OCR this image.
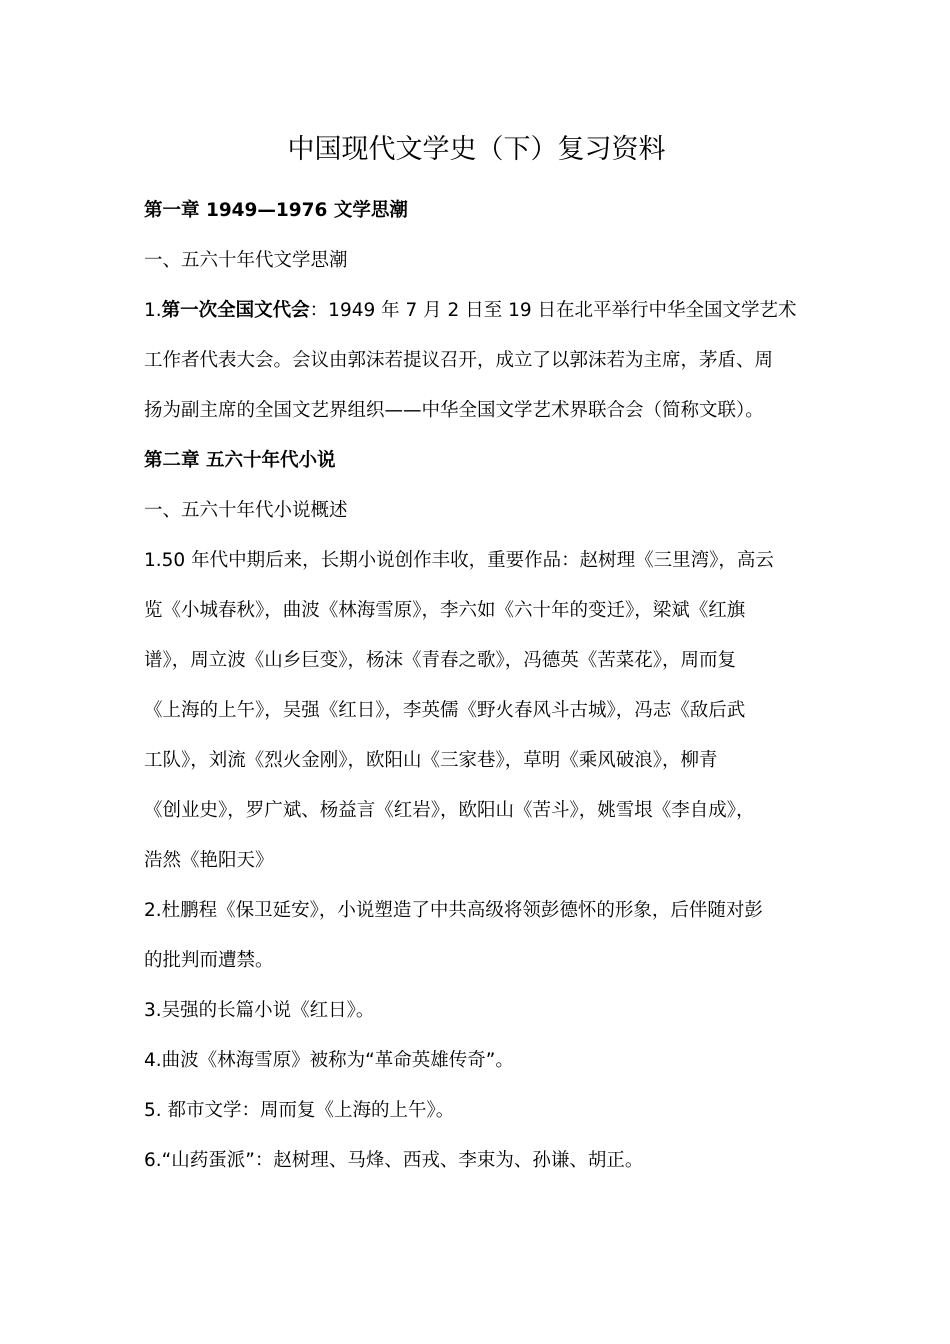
中国现代文学史（下）复习资料
第一章 1949—1976 文学思潮
一、五六十年代文学思潮
1.第一次全国文代会：1949 年 7 月 2 日至 19 日在北平举行中华全国文学艺术
工作者代表大会。会议由郭沫若提议召开，成立了以郭沫若为主席，茅盾、周
扬为副主席的全国文艺界组织——中华全国文学艺术界联合会（简称文联）。
第二章 五六十年代小说
一、五六十年代小说概述
1.50 年代中期后来，长期小说创作丰收，重要作品：赵树理《三里湾》，高云
览《小城春秋》，曲波《林海雪原》，李六如《六十年的变迁》，梁斌《红旗
谱》，周立波《山乡巨变》，杨沫《青春之歌》，冯德英《苦菜花》，周而复
《上海的上午》，吴强《红日》，李英儒《野火春风斗古城》，冯志《敌后武
工队》，刘流《烈火金刚》，欧阳山《三家巷》，草明《乘风破浪》，柳青
《创业史》，罗广斌、杨益言《红岩》，欧阳山《苦斗》，姚雪垠《李自成》，
浩然《艳阳天》
2.杜鹏程《保卫延安》，小说塑造了中共高级将领彭德怀的形象，后伴随对彭
的批判而遭禁。
3.吴强的长篇小说《红日》。
4.曲波《林海雪原》被称为“革命英雄传奇”。
5. 都市文学：周而复《上海的上午》。
6.“山药蛋派”：赵树理、马烽、西戎、李束为、孙谦、胡正。
